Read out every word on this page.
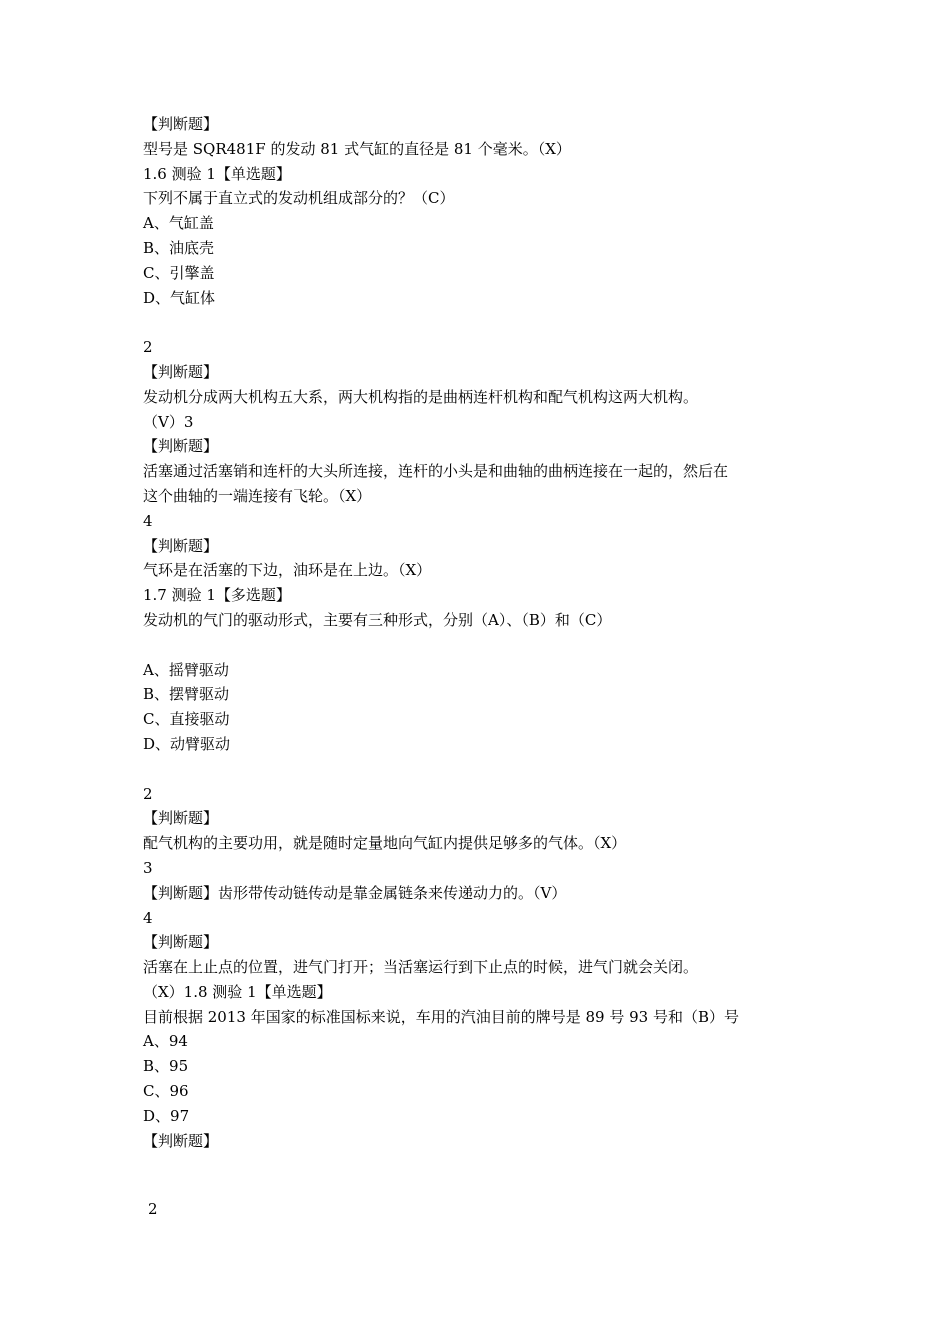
【判断题】
型号是 SQR481F 的发动 81 式气缸的直径是 81 个毫米。（X）
1.6 测验 1【单选题】
下列不属于直立式的发动机组成部分的？（C）
A、气缸盖
B、油底壳
C、引擎盖
D、气缸体
2
【判断题】
发动机分成两大机构五大系，两大机构指的是曲柄连杆机构和配气机构这两大机构。
（V）3
【判断题】
活塞通过活塞销和连杆的大头所连接，连杆的小头是和曲轴的曲柄连接在一起的，然后在
这个曲轴的一端连接有飞轮。（X）
4
【判断题】
气环是在活塞的下边，油环是在上边。（X）
1.7 测验 1【多选题】
发动机的气门的驱动形式，主要有三种形式，分别（A）、（B）和（C）
A、摇臂驱动
B、摆臂驱动
C、直接驱动
D、动臂驱动
2
【判断题】
配气机构的主要功用，就是随时定量地向气缸内提供足够多的气体。（X）
3
【判断题】齿形带传动链传动是靠金属链条来传递动力的。（V）
4
【判断题】
活塞在上止点的位置，进气门打开；当活塞运行到下止点的时候，进气门就会关闭。
（X）1.8 测验 1【单选题】
目前根据 2013 年国家的标准国标来说，车用的汽油目前的牌号是 89 号 93 号和（B）号
A、94
B、95
C、96
D、97
【判断题】
2
